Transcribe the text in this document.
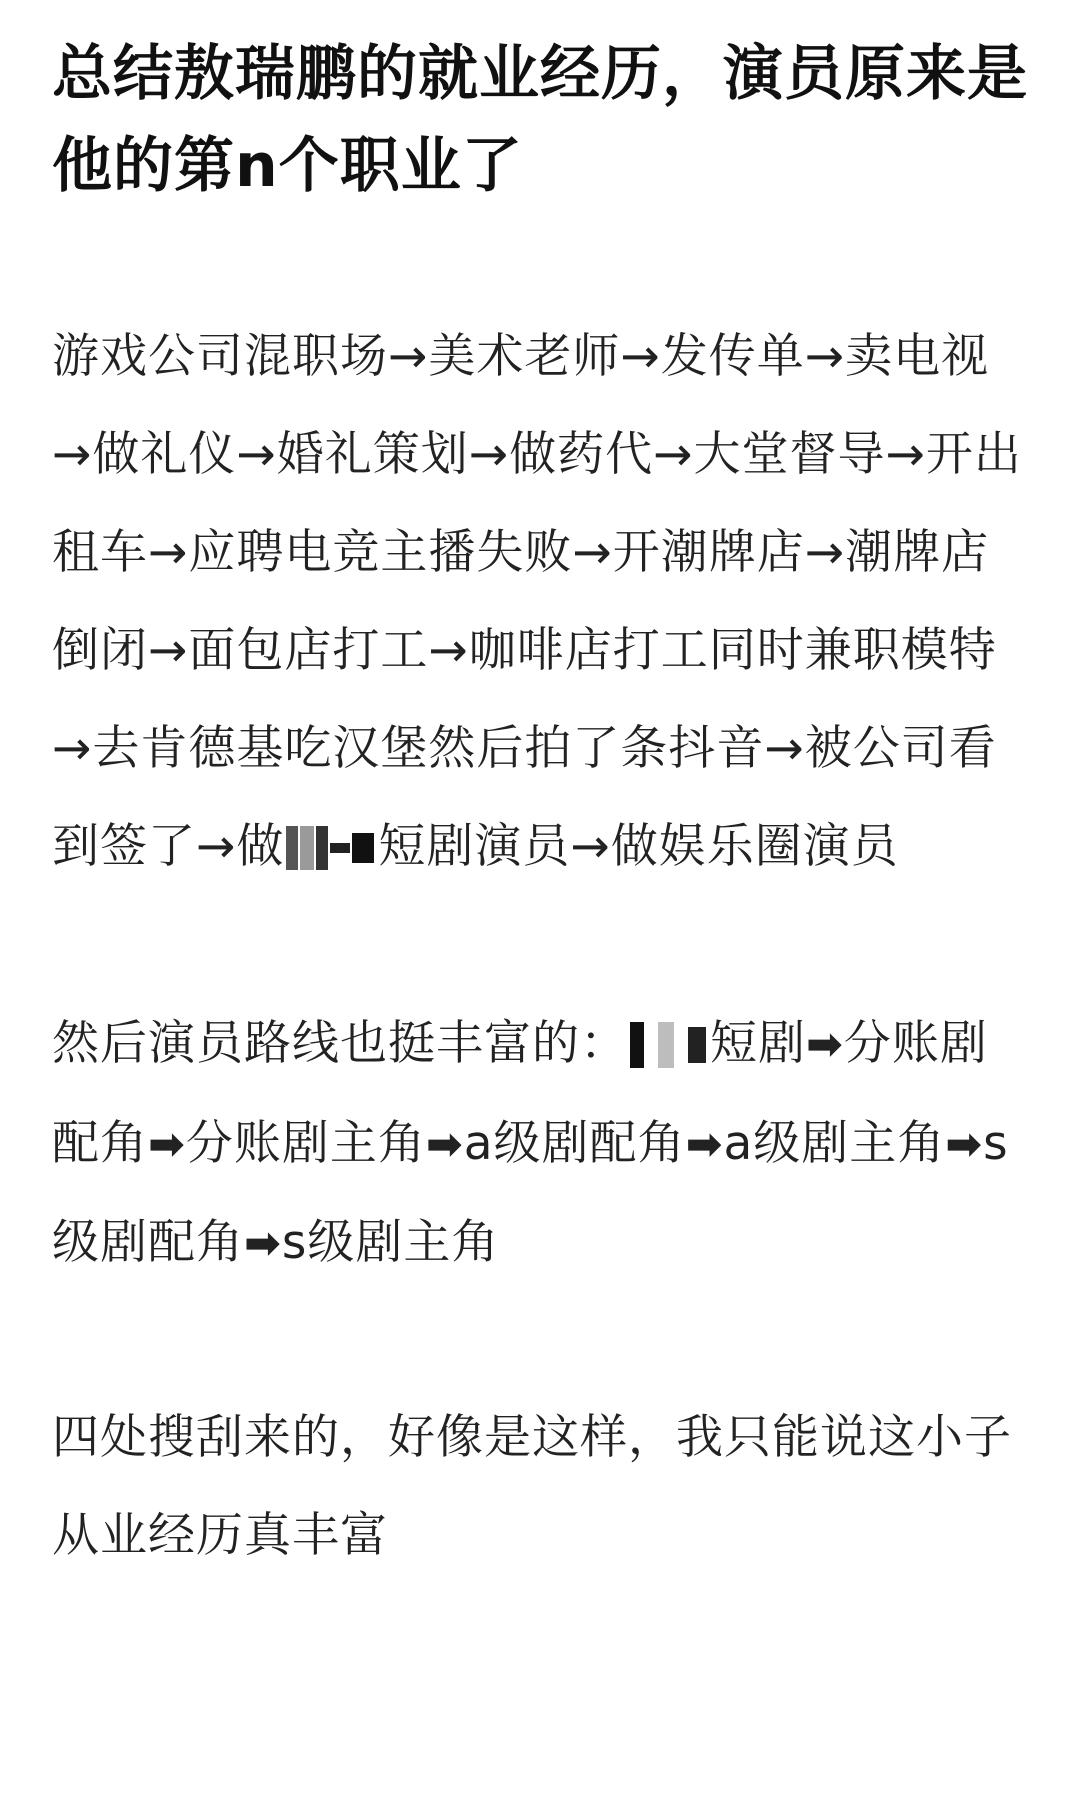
总结敖瑞鹏的就业经历，演员原来是他的第n个职业了

游戏公司混职场→美术老师→发传单→卖电视→做礼仪→婚礼策划→做药代→大堂督导→开出租车→应聘电竞主播失败→开潮牌店→潮牌店倒闭→面包店打工→咖啡店打工同时兼职模特→去肯德基吃汉堡然后拍了条抖音→被公司看到签了→做 短剧演员→做娱乐圈演员

然后演员路线也挺丰富的： 短剧➡分账剧配角➡分账剧主角➡a级剧配角➡a级剧主角➡s级剧配角➡s级剧主角

四处搜刮来的，好像是这样，我只能说这小子从业经历真丰富
